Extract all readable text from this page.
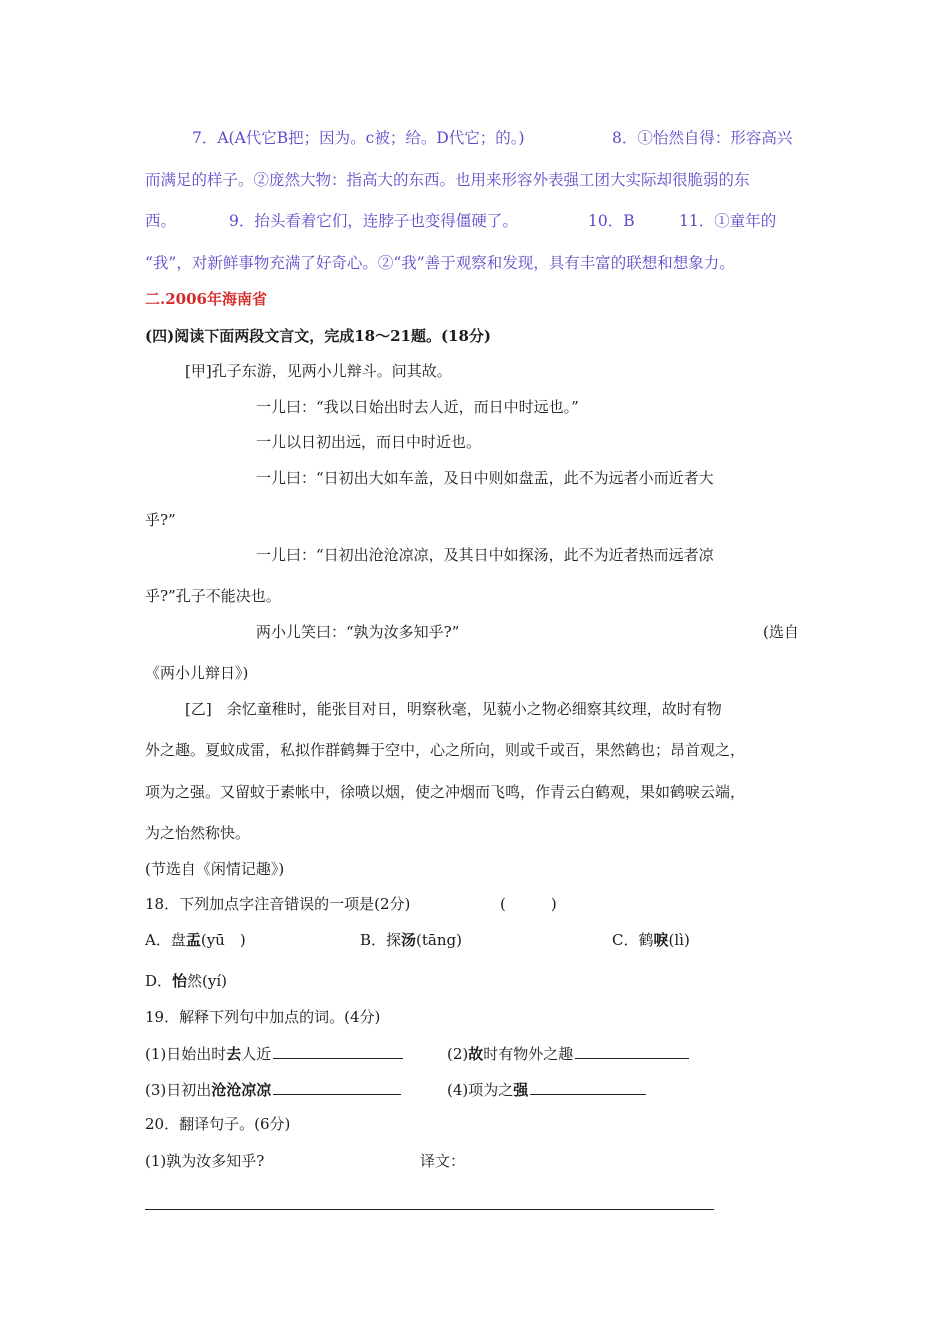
7．A(A代它B把；因为。c被；给。D代它；的。)	8．①怡然自得：形容高兴
而满足的样子。②庞然大物：指高大的东西。也用来形容外表强工团大实际却很脆弱的东
西。	9．抬头看着它们，连脖子也变得僵硬了。	10．B	11．①童年的
“我”，对新鲜事物充满了好奇心。②“我”善于观察和发现，具有丰富的联想和想象力。
二.2006年海南省
(四)阅读下面两段文言文，完成18～21题。(18分)
[甲]孔子东游，见两小儿辩斗。问其故。
一儿曰：“我以日始出时去人近，而日中时远也。”
一儿以日初出远，而日中时近也。
一儿曰：“日初出大如车盖，及日中则如盘盂，此不为远者小而近者大
乎?”
一儿曰：“日初出沧沧凉凉，及其日中如探汤，此不为近者热而远者凉
乎?”孔子不能决也。
两小儿笑曰：“孰为汝多知乎?”	(选自
《两小儿辩日》)
[乙]　余忆童稚时，能张目对日，明察秋毫，见藐小之物必细察其纹理，故时有物
外之趣。夏蚊成雷，私拟作群鹤舞于空中，心之所向，则或千或百，果然鹤也；昂首观之，
项为之强。又留蚊于素帐中，徐喷以烟，使之冲烟而飞鸣，作青云白鹤观，果如鹤唳云端，
为之怡然称快。
(节选自《闲情记趣》)
18．下列加点字注音错误的一项是(2分)	(　　　)
A．盘盂(yū　)	B．探汤(tāng)	C．鹤唳(lì)
D．怡然(yí)
19．解释下列句中加点的词。(4分)
(1)日始出时去人近	(2)故时有物外之趣
(3)日初出沧沧凉凉	(4)项为之强
20．翻译句子。(6分)
(1)孰为汝多知乎?	译文：
